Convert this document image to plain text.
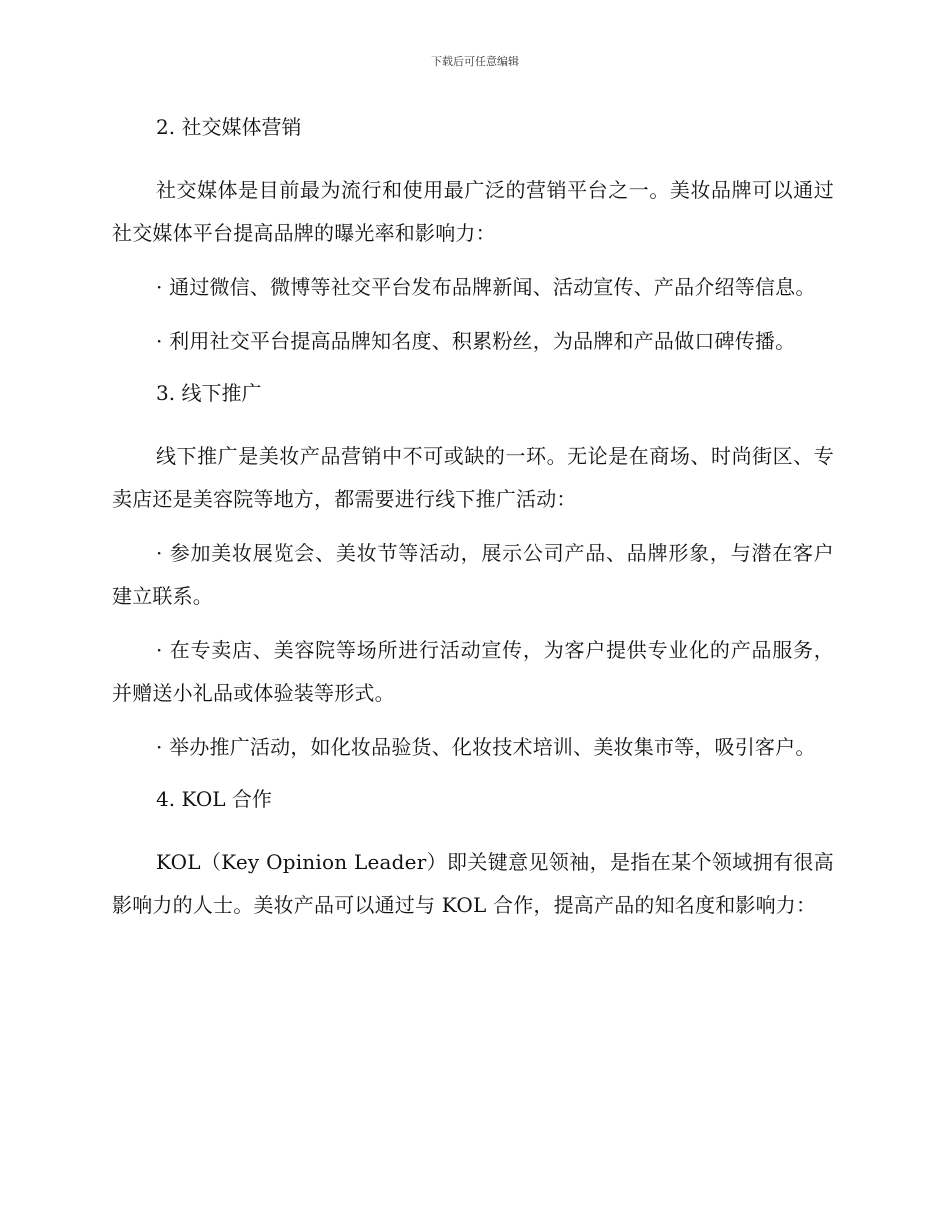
下载后可任意编辑
2. 社交媒体营销

社交媒体是目前最为流行和使用最广泛的营销平台之一。美妆品牌可以通过社交媒体平台提高品牌的曝光率和影响力：

· 通过微信、微博等社交平台发布品牌新闻、活动宣传、产品介绍等信息。

· 利用社交平台提高品牌知名度、积累粉丝，为品牌和产品做口碑传播。

3. 线下推广

线下推广是美妆产品营销中不可或缺的一环。无论是在商场、时尚街区、专卖店还是美容院等地方，都需要进行线下推广活动：

· 参加美妆展览会、美妆节等活动，展示公司产品、品牌形象，与潜在客户建立联系。

· 在专卖店、美容院等场所进行活动宣传，为客户提供专业化的产品服务，并赠送小礼品或体验装等形式。

· 举办推广活动，如化妆品验货、化妆技术培训、美妆集市等，吸引客户。

4. KOL 合作

KOL（Key Opinion Leader）即关键意见领袖，是指在某个领域拥有很高影响力的人士。美妆产品可以通过与 KOL 合作，提高产品的知名度和影响力：
